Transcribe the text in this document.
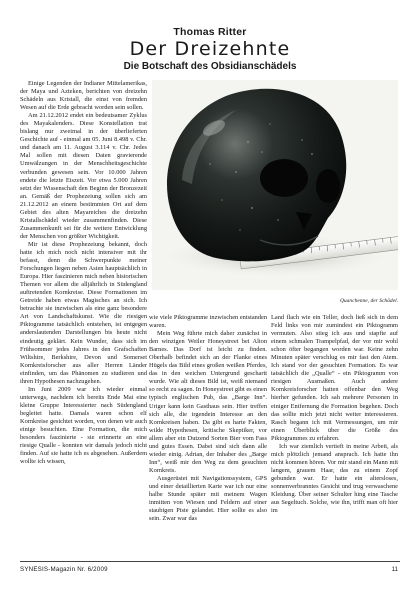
Thomas Ritter
Der Dreizehnte
Die Botschaft des Obsidianschädels

Einige Legenden der Indianer Mittelamerikas, der Maya und Azteken, berichten von dreizehn Schädeln aus Kristall, die einst von fremden Wesen auf die Erde gebracht worden sein sollen.

Am 21.12.2012 endet ein bedeutsamer Zyklus des Mayakalenders. Diese Konstellation trat bislang nur zweimal in der überlieferten Geschichte auf - einmal am 05. Juni 8.498 v. Chr. und danach am 11. August 3.114 v. Chr. Jedes Mal sollen mit diesen Daten gravierende Umwälzungen in der Menschheitsgeschichte verbunden gewesen sein. Vor 10.000 Jahren endete die letzte Eiszeit. Vor etwa 5.000 Jahren setzt der Wissenschaft den Beginn der Bronzezeit an. Gemäß der Prophezeiung sollen sich am 21.12.2012 an einem bestimmten Ort auf dem Gebiet des alten Mayareiches die dreizehn Kristallschädel wieder zusammenfinden. Diese Zusammenkunft sei für die weitere Entwicklung der Menschen von größter Wichtigkeit.

Mir ist diese Prophezeiung bekannt, doch hatte ich mich noch nicht intensiver mit ihr befasst, denn die Schwerpunkte meiner Forschungen liegen neben Asien hauptsächlich in Europa. Hier faszinieren mich neben historischen Themen vor allem die alljährlich in Südengland auftretenden Kornkreise. Diese Formationen im Getreide haben etwas Magisches an sich. Ich betrachte sie inzwischen als eine ganz besondere Art von Landschaftskunst. Wie die riesigen Piktogramme tatsächlich entstehen, ist entgegen anderslautenden Darstellungen bis heute nicht eindeutig geklärt. Kein Wunder, dass sich im Frühsommer jedes Jahres in den Grafschaften Wiltshire, Berkshire, Devon und Somerset Kornkreisforscher aus aller Herren Länder einfinden, um das Phänomen zu studieren und ihren Hypothesen nachzugehen.

Im Juni 2009 war ich wieder einmal unterwegs, nachdem ich bereits Ende Mai eine kleine Gruppe Interessierter nach Südengland begleitet hatte. Damals waren schon elf Kornkreise gesichtet worden, von denen wir auch einige besuchten. Eine Formation, die mich besonders faszinierte - sie erinnerte an eine riesige Qualle - konnten wir damals jedoch nicht finden. Auf sie hatte ich es abgesehen. Außerdem wollte ich wissen,

Quanchenne, der Schädel.

wie viele Piktogramme inzwischen entstanden waren.

Mein Weg führte mich daher zunächst in den winzigen Weiler Honeystreet bei Alton Barnes. Das Dorf ist leicht zu finden. Oberhalb befindet sich an der Flanke eines Hügels das Bild eines großen weißen Pferdes, das in den weichen Untergrund geschartt wurde. Wie alt dieses Bild ist, weiß niemand so recht zu sagen. In Honeystreet gibt es einen typisch englischen Pub, das „Barge Inn“. Uriger kann kein Gasthaus sein. Hier treffen sich alle, die irgendein Interesse an den Kornkreisen haben. Da gibt es harte Fakten, wilde Hypothesen, kritische Skeptiker, vor allem aber ein Dutzend Sorten Bier vom Fass und gutes Essen. Dabei sind sich dann alle wieder einig. Adrian, der Inhaber des „Barge Inn“, weiß mir den Weg zu dem gesuchten Kornkreis.

Ausgerüstet mit Navigationssystem, GPS und einer detaillierten Karte war ich nur eine halbe Stunde später mit meinem Wagen inmitten von Wiesen und Feldern auf einer staubigen Piste gelandet. Hier sollte es also sein. Zwar war das

Land flach wie ein Teller, doch ließ sich in dem Feld links von mir zumindest ein Piktogramm vermuten. Also stieg ich aus und stapfte auf einem schmalen Trampelpfad, der vor mir wohl schon öfter begangen worden war. Keine zehn Minuten später verschlug es mir fast den Atem. Ich stand vor der gesuchten Formation. Es war tatsächlich die „Qualle“ - ein Piktogramm von riesigen Ausmaßen. Auch andere Kornkreisforscher hatten offenbar den Weg hierher gefunden. Ich sah mehrere Personen in einiger Entfernung die Formation begehen. Doch das sollte mich jetzt nicht weiter interessieren. Rasch begann ich mit Vermessungen, um mir einen Überblick über die Größe des Piktogrammes zu erfahren.

Ich war ziemlich vertieft in meine Arbeit, als mich plötzlich jemand ansprach. Ich hatte ihn nicht kommen hören. Vor mir stand ein Mann mit langem, grauem Haar, das zu einem Zopf gebunden war. Er hatte ein altersloses, sonnenverbranntes Gesicht und trug verwaschene Kleidung. Über seiner Schulter hing eine Tasche aus Segeltuch. Solche, wie ihn, trifft man oft hier im

SYNESIS-Magazin Nr. 6/2009	11
